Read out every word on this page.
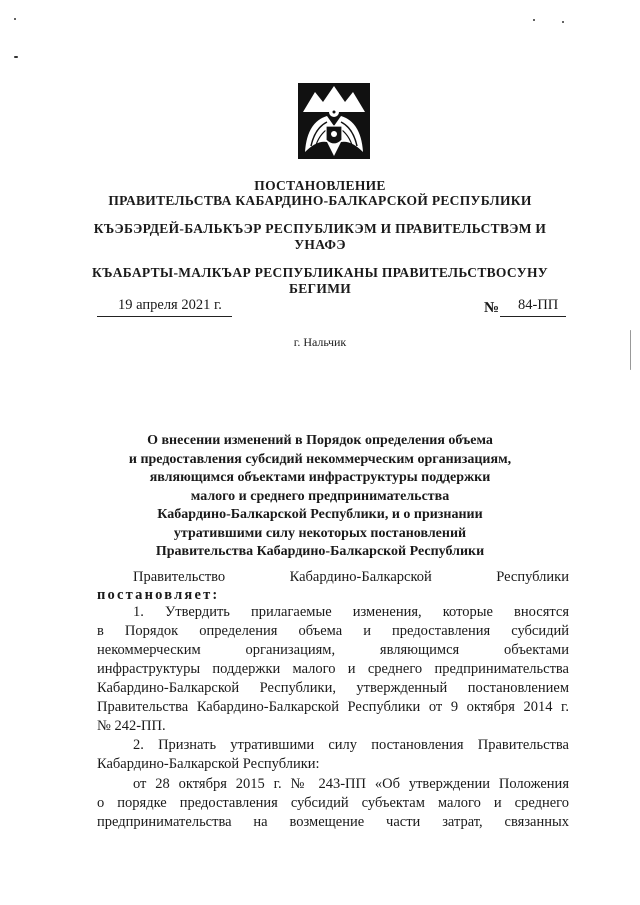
ПОСТАНОВЛЕНИЕ
ПРАВИТЕЛЬСТВА КАБАРДИНО-БАЛКАРСКОЙ РЕСПУБЛИКИ
КЪЭБЭРДЕЙ-БАЛЬКЪЭР РЕСПУБЛИКЭМ И ПРАВИТЕЛЬСТВЭМ И
УНАФЭ
КЪАБАРТЫ-МАЛКЪАР РЕСПУБЛИКАНЫ ПРАВИТЕЛЬСТВОСУНУ
БЕГИМИ
19 апреля 2021 г.	№ 84-ПП
г. Нальчик
О внесении изменений в Порядок определения объема
и предоставления субсидий некоммерческим организациям,
являющимся объектами инфраструктуры поддержки
малого и среднего предпринимательства
Кабардино-Балкарской Республики, и о признании
утратившими силу некоторых постановлений
Правительства Кабардино-Балкарской Республики
Правительство Кабардино-Балкарской Республики
постановляет:
1. Утвердить прилагаемые изменения, которые вносятся
в Порядок определения объема и предоставления субсидий
некоммерческим организациям, являющимся объектами
инфраструктуры поддержки малого и среднего предпринимательства
Кабардино-Балкарской Республики, утвержденный постановлением
Правительства Кабардино-Балкарской Республики от 9 октября 2014 г.
№ 242-ПП.
2. Признать утратившими силу постановления Правительства
Кабардино-Балкарской Республики:
от 28 октября 2015 г. № 243-ПП «Об утверждении Положения
о порядке предоставления субсидий субъектам малого и среднего
предпринимательства на возмещение части затрат, связанных
